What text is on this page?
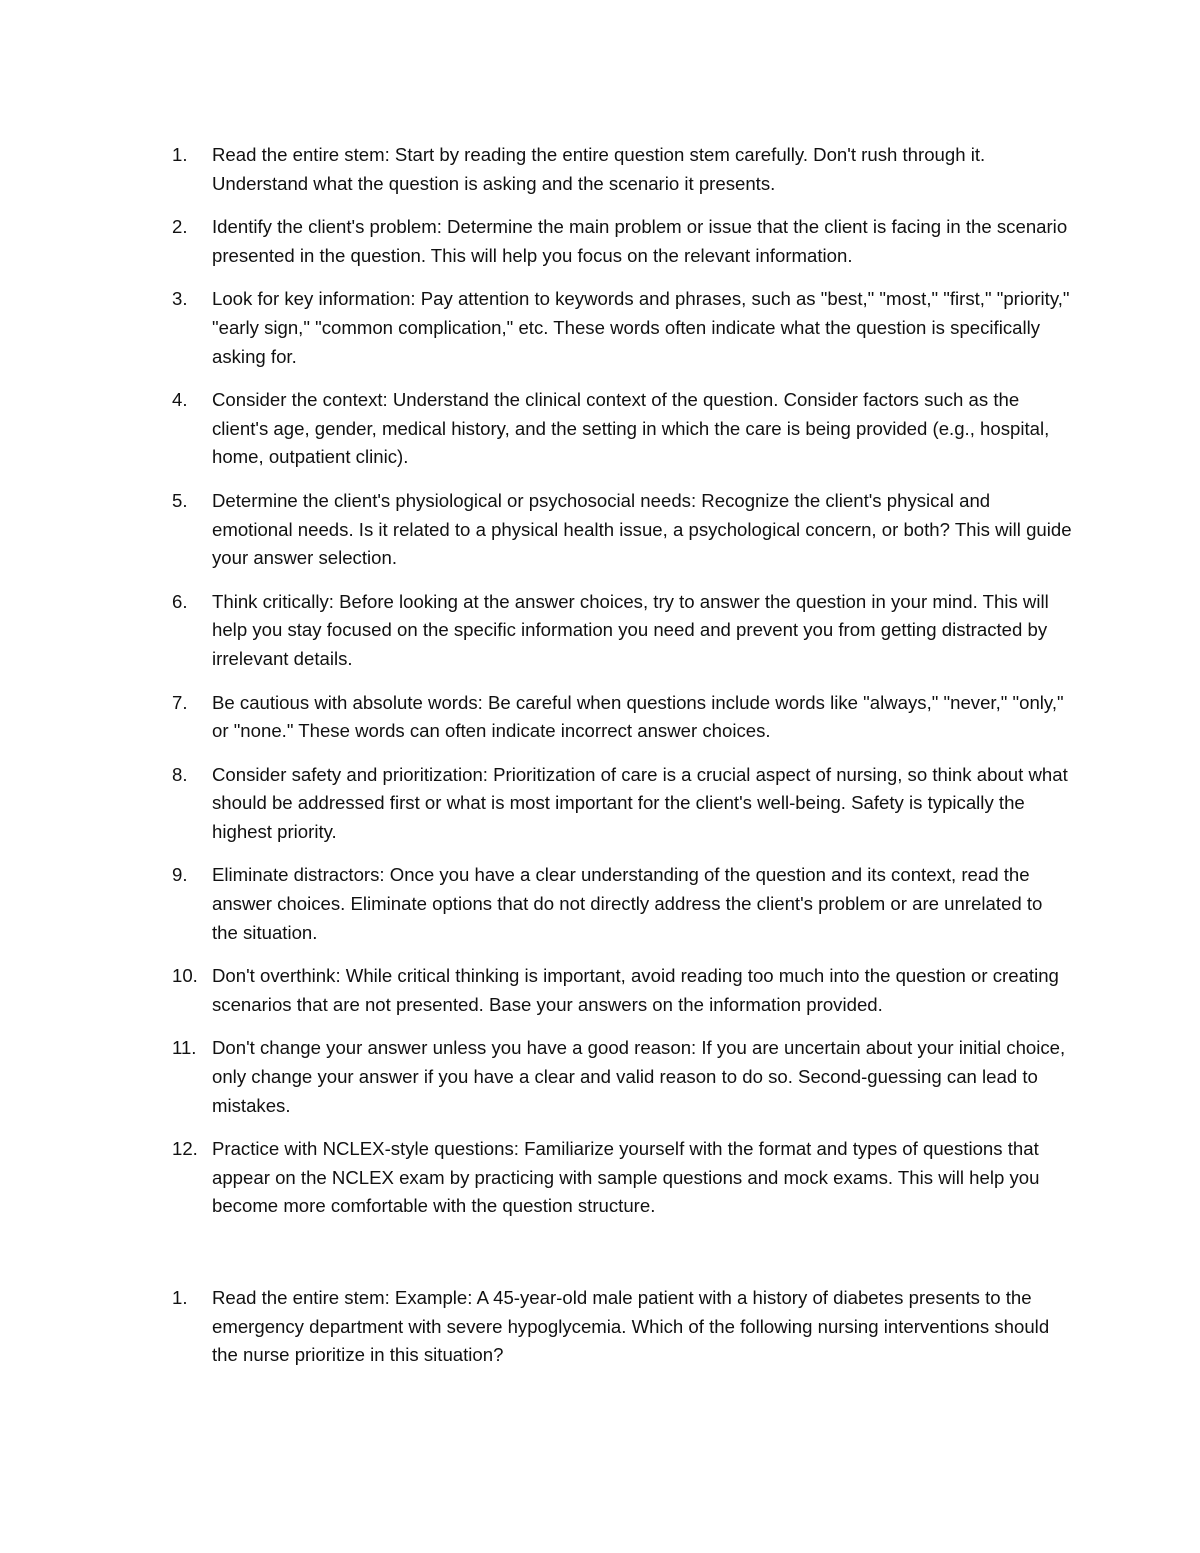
1.	Read the entire stem: Start by reading the entire question stem carefully. Don't rush through it. Understand what the question is asking and the scenario it presents.
2.	Identify the client's problem: Determine the main problem or issue that the client is facing in the scenario presented in the question. This will help you focus on the relevant information.
3.	Look for key information: Pay attention to keywords and phrases, such as "best," "most," "first," "priority," "early sign," "common complication," etc. These words often indicate what the question is specifically asking for.
4.	Consider the context: Understand the clinical context of the question. Consider factors such as the client's age, gender, medical history, and the setting in which the care is being provided (e.g., hospital, home, outpatient clinic).
5.	Determine the client's physiological or psychosocial needs: Recognize the client's physical and emotional needs. Is it related to a physical health issue, a psychological concern, or both? This will guide your answer selection.
6.	Think critically: Before looking at the answer choices, try to answer the question in your mind. This will help you stay focused on the specific information you need and prevent you from getting distracted by irrelevant details.
7.	Be cautious with absolute words: Be careful when questions include words like "always," "never," "only," or "none." These words can often indicate incorrect answer choices.
8.	Consider safety and prioritization: Prioritization of care is a crucial aspect of nursing, so think about what should be addressed first or what is most important for the client's well-being. Safety is typically the highest priority.
9.	Eliminate distractors: Once you have a clear understanding of the question and its context, read the answer choices. Eliminate options that do not directly address the client's problem or are unrelated to the situation.
10. Don't overthink: While critical thinking is important, avoid reading too much into the question or creating scenarios that are not presented. Base your answers on the information provided.
11. Don't change your answer unless you have a good reason: If you are uncertain about your initial choice, only change your answer if you have a clear and valid reason to do so. Second-guessing can lead to mistakes.
12. Practice with NCLEX-style questions: Familiarize yourself with the format and types of questions that appear on the NCLEX exam by practicing with sample questions and mock exams. This will help you become more comfortable with the question structure.
1.	Read the entire stem: Example: A 45-year-old male patient with a history of diabetes presents to the emergency department with severe hypoglycemia. Which of the following nursing interventions should the nurse prioritize in this situation?
